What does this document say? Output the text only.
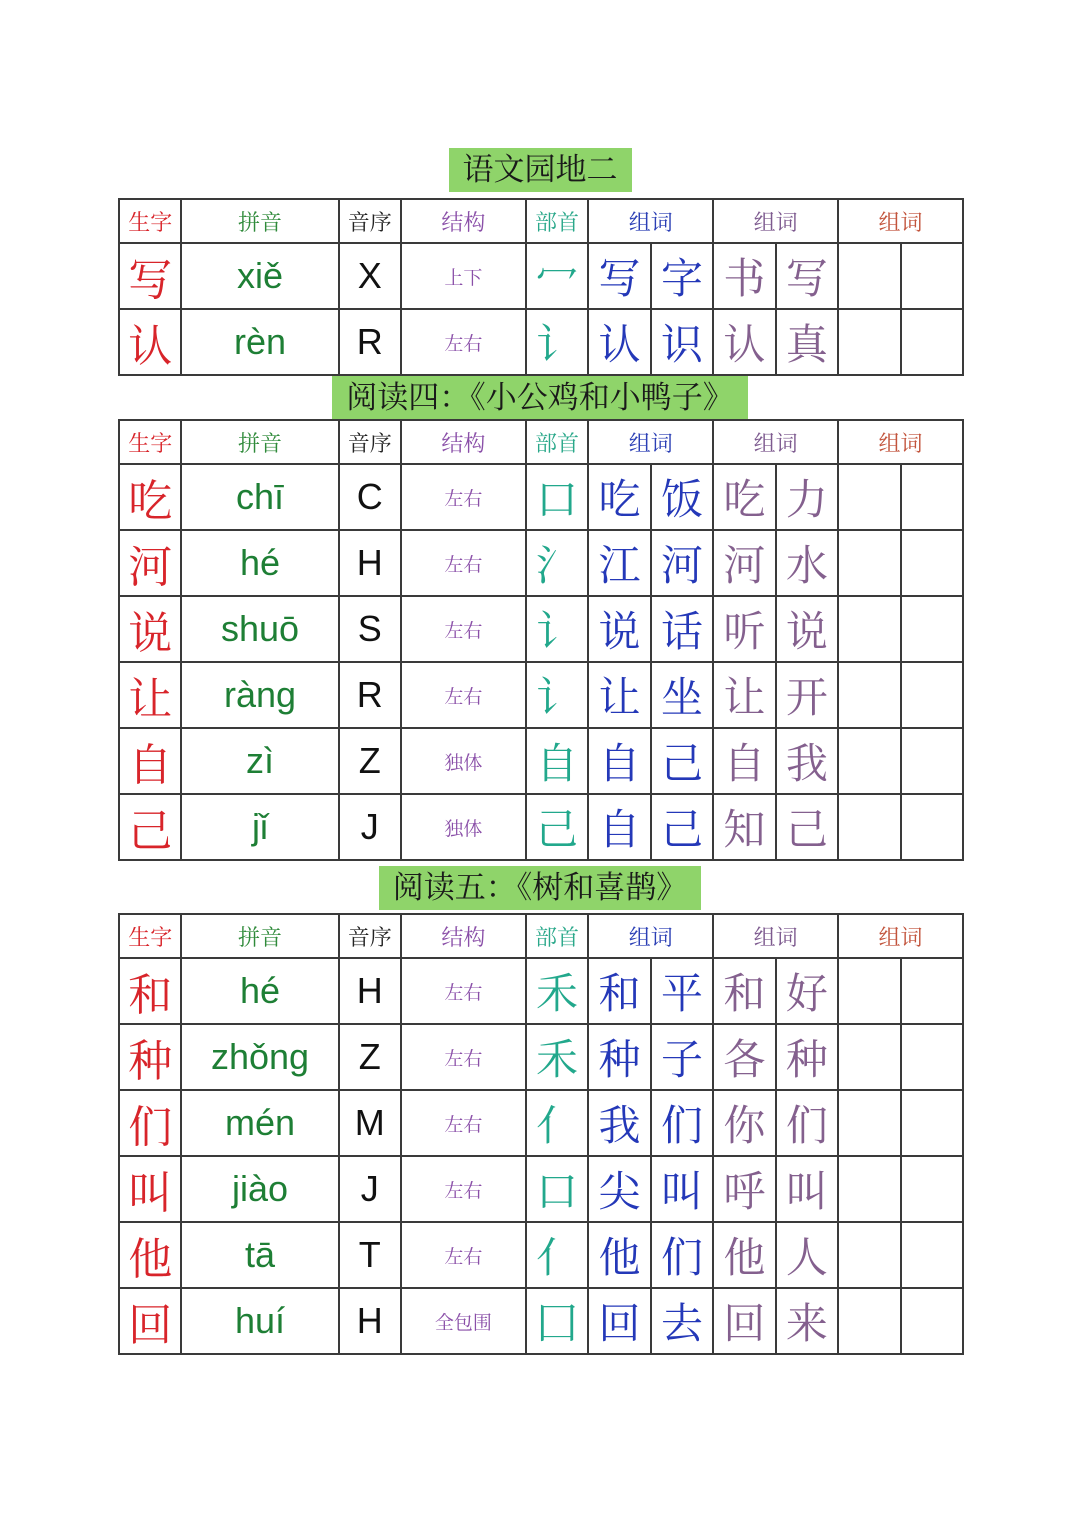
语文园地二
生字	拼音	音序	结构	部首	组词		组词		组词	
写	xiě	X	上下	冖	写	字	书	写		
认	rèn	R	左右	讠	认	识	认	真		
阅读四：《小公鸡和小鸭子》
生字	拼音	音序	结构	部首	组词		组词		组词	
吃	chī	C	左右	口	吃	饭	吃	力		
河	hé	H	左右	氵	江	河	河	水		
说	shuō	S	左右	讠	说	话	听	说		
让	ràng	R	左右	讠	让	坐	让	开		
自	zì	Z	独体	自	自	己	自	我		
己	jǐ	J	独体	己	自	己	知	己		
阅读五：《树和喜鹊》
生字	拼音	音序	结构	部首	组词		组词		组词	
和	hé	H	左右	禾	和	平	和	好		
种	zhǒng	Z	左右	禾	种	子	各	种		
们	mén	M	左右	亻	我	们	你	们		
叫	jiào	J	左右	口	尖	叫	呼	叫		
他	tā	T	左右	亻	他	们	他	人		
回	huí	H	全包围	囗	回	去	回	来		
